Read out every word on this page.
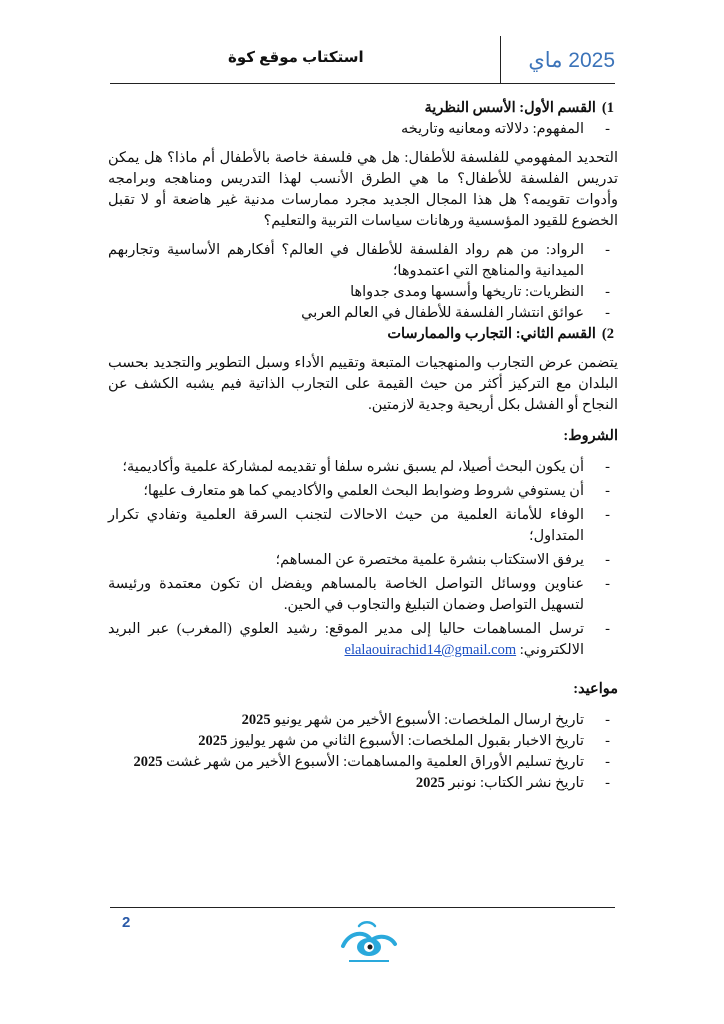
2025 ماي
استكتاب موقع كوة
1)القسم الأول: الأسس النظرية
- المفهوم: دلالاته ومعانيه وتاريخه

التحديد المفهومي للفلسفة للأطفال: هل هي فلسفة خاصة بالأطفال أم ماذا؟ هل يمكن تدريس الفلسفة للأطفال؟ ما هي الطرق الأنسب لهذا التدريس ومناهجه وبرامجه وأدوات تقويمه؟ هل هذا المجال الجديد مجرد ممارسات مدنية غير هاضعة أو لا تقبل الخضوع للقيود المؤسسية ورهانات سياسات التربية والتعليم؟

- الرواد: من هم رواد الفلسفة للأطفال في العالم؟ أفكارهم الأساسية وتجاربهم الميدانية والمناهج التي اعتمدوها؛
- النظريات: تاريخها وأسسها ومدى جدواها
- عوائق انتشار الفلسفة للأطفال في العالم العربي
2)القسم الثاني: التجارب والممارسات

يتضمن عرض التجارب والمنهجيات المتبعة وتقييم الأداء وسبل التطوير والتجديد بحسب البلدان مع التركيز أكثر من حيث القيمة على التجارب الذاتية فيم يشبه الكشف عن النجاح أو الفشل بكل أريحية وجدية لازمتين.

الشروط:
- أن يكون البحث أصيلا، لم يسبق نشره سلفا أو تقديمه لمشاركة علمية وأكاديمية؛
- أن يستوفي شروط وضوابط البحث العلمي والأكاديمي كما هو متعارف عليها؛
- الوفاء للأمانة العلمية من حيث الاحالات لتجنب السرقة العلمية وتفادي تكرار المتداول؛
- يرفق الاستكتاب بنشرة علمية مختصرة عن المساهم؛
- عناوين ووسائل التواصل الخاصة بالمساهم ويفضل ان تكون معتمدة ورئيسة لتسهيل التواصل وضمان التبليغ والتجاوب في الحين.
- ترسل المساهمات حاليا إلى مدير الموقع: رشيد العلوي (المغرب) عبر البريد الالكتروني: elalaouirachid14@gmail.com
مواعيد:
- تاريخ ارسال الملخصات: الأسبوع الأخير من شهر يونيو 2025
- تاريخ الاخبار بقبول الملخصات: الأسبوع الثاني من شهر يوليوز 2025
- تاريخ تسليم الأوراق العلمية والمساهمات: الأسبوع الأخير من شهر غشت 2025
- تاريخ نشر الكتاب: نونبر 2025
2
